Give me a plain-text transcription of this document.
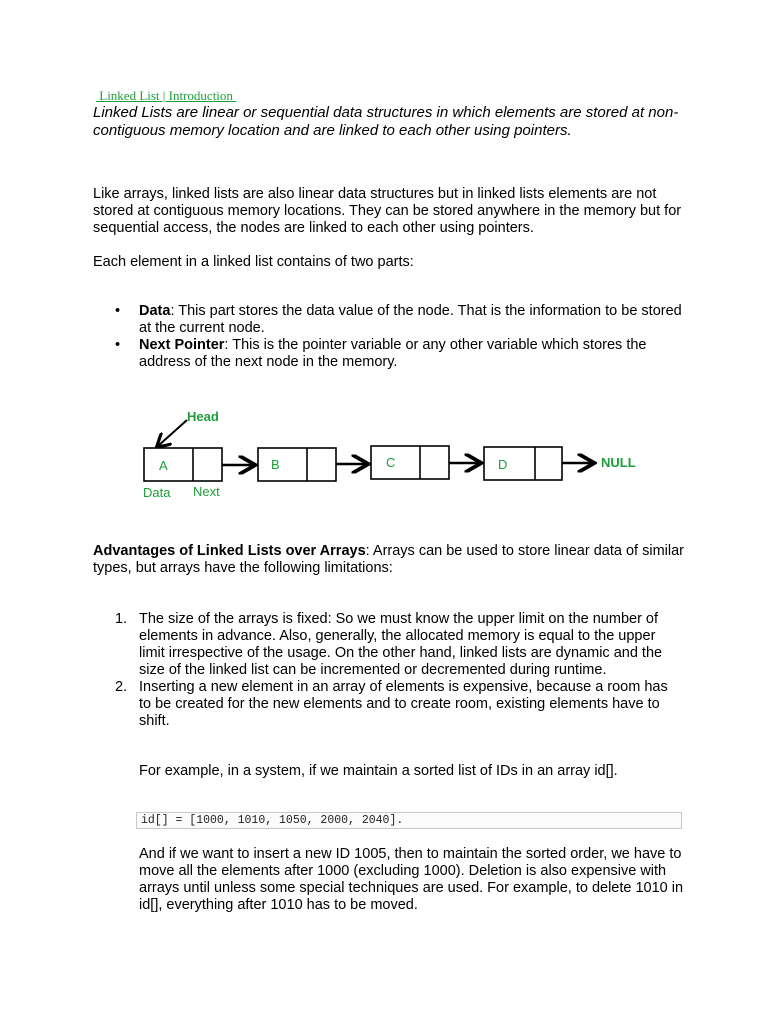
Linked List | Introduction
Linked Lists are linear or sequential data structures in which elements are stored at non-contiguous memory location and are linked to each other using pointers.
Like arrays, linked lists are also linear data structures but in linked lists elements are not stored at contiguous memory locations. They can be stored anywhere in the memory but for sequential access, the nodes are linked to each other using pointers.
Each element in a linked list contains of two parts:
• Data: This part stores the data value of the node. That is the information to be stored at the current node.
• Next Pointer: This is the pointer variable or any other variable which stores the address of the next node in the memory.
Head
A	B	C	D	NULL
Data Next
Advantages of Linked Lists over Arrays: Arrays can be used to store linear data of similar types, but arrays have the following limitations:
1. The size of the arrays is fixed: So we must know the upper limit on the number of elements in advance. Also, generally, the allocated memory is equal to the upper limit irrespective of the usage. On the other hand, linked lists are dynamic and the size of the linked list can be incremented or decremented during runtime.
2. Inserting a new element in an array of elements is expensive, because a room has to be created for the new elements and to create room, existing elements have to shift.
For example, in a system, if we maintain a sorted list of IDs in an array id[].
id[] = [1000, 1010, 1050, 2000, 2040].
And if we want to insert a new ID 1005, then to maintain the sorted order, we have to move all the elements after 1000 (excluding 1000). Deletion is also expensive with arrays until unless some special techniques are used. For example, to delete 1010 in id[], everything after 1010 has to be moved.
